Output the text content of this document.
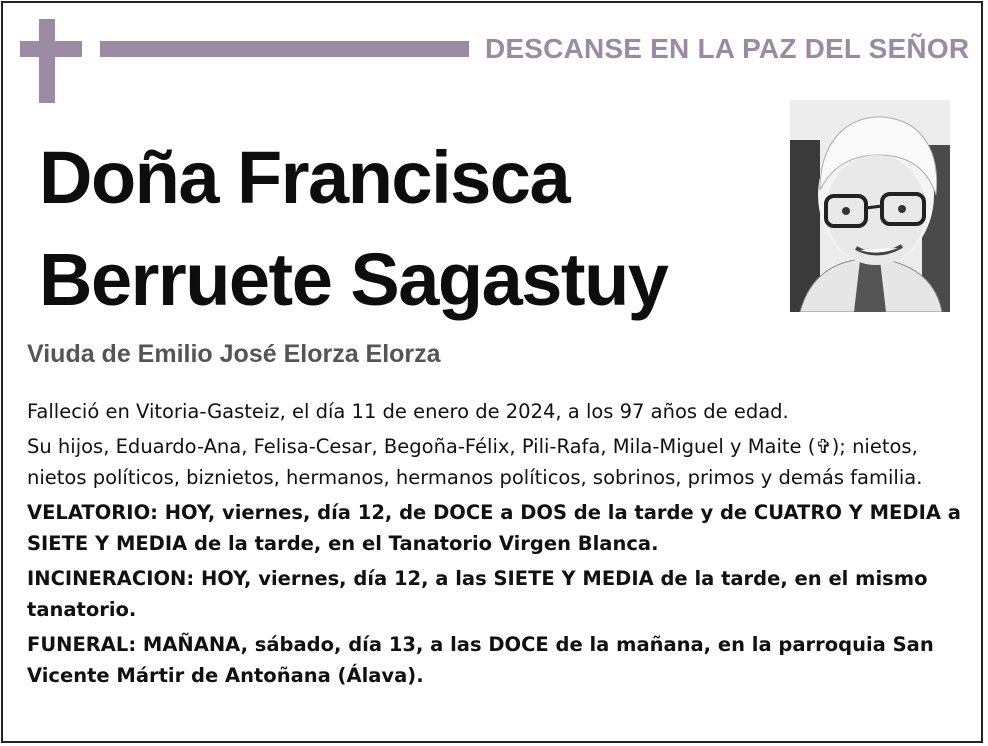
DESCANSE EN LA PAZ DEL SEÑOR
Doña Francisca
Berruete Sagastuy
Viuda de Emilio José Elorza Elorza

Falleció en Vitoria-Gasteiz, el día 11 de enero de 2024, a los 97 años de edad.

Su hijos, Eduardo-Ana, Felisa-Cesar, Begoña-Félix, Pili-Rafa, Mila-Miguel y Maite (✞); nietos, nietos políticos, biznietos, hermanos, hermanos políticos, sobrinos, primos y demás familia.

VELATORIO: HOY, viernes, día 12, de DOCE a DOS de la tarde y de CUATRO Y MEDIA a SIETE Y MEDIA de la tarde, en el Tanatorio Virgen Blanca.

INCINERACION: HOY, viernes, día 12, a las SIETE Y MEDIA de la tarde, en el mismo tanatorio.

FUNERAL: MAÑANA, sábado, día 13, a las DOCE de la mañana, en la parroquia San Vicente Mártir de Antoñana (Álava).
